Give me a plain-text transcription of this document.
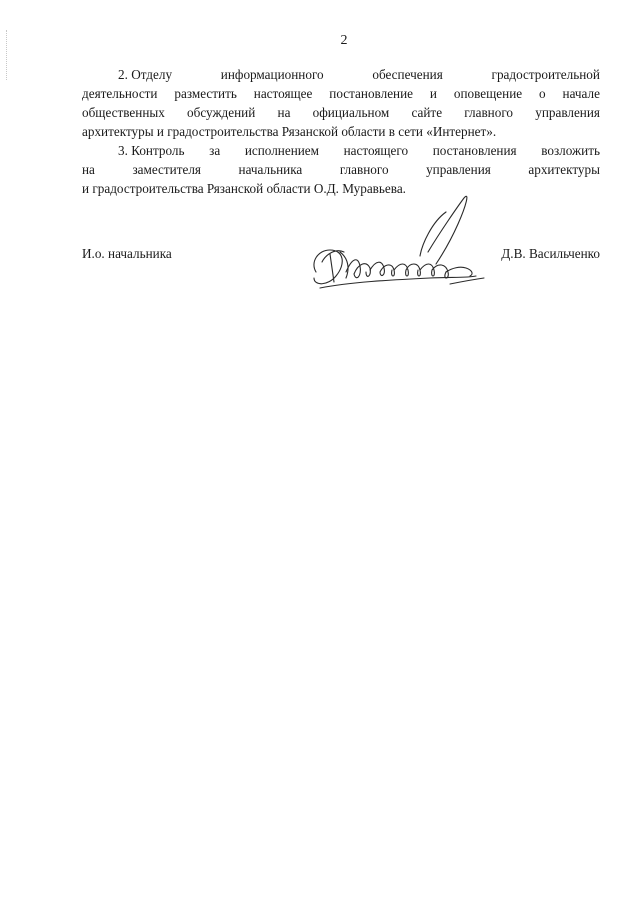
2
2. Отделу	информационного	обеспечения	градостроительной
деятельности разместить настоящее постановление и оповещение о начале
общественных обсуждений на официальном сайте главного управления
архитектуры и градостроительства Рязанской области в сети «Интернет».
3. Контроль за исполнением настоящего постановления возложить
на	заместителя	начальника	главного	управления	архитектуры
и градостроительства Рязанской области О.Д. Муравьева.
И.о. начальника	Д.В. Васильченко
